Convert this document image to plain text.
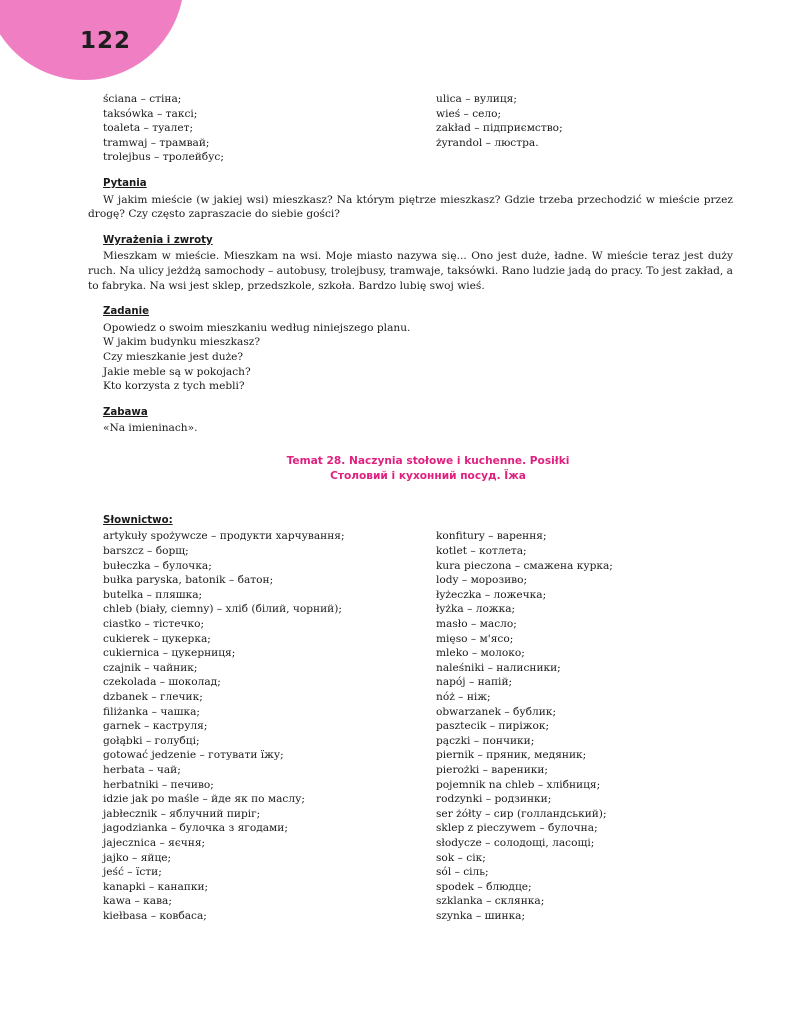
122
ściana – стіна;
taksówka – таксі;
toaleta – туалет;
tramwaj – трамвай;
trolejbus – тролейбус;
ulica – вулиця;
wieś – село;
zakład – підприємство;
żyrandol – люстра.
Pytania
W jakim mieście (w jakiej wsi) mieszkasz? Na którym piętrze mieszkasz? Gdzie trzeba przechodzić w mieście przez drogę? Czy często zapraszacie do siebie gości?
Wyrażenia i zwroty
Mieszkam w mieście. Mieszkam na wsi. Moje miasto nazywa się... Ono jest duże, ładne. W mieście teraz jest duży ruch. Na ulicy jeżdżą samochody – autobusy, trolejbusy, tramwaje, taksówki. Rano ludzie jadą do pracy. To jest zakład, a to fabryka. Na wsi jest sklep, przedszkole, szkoła. Bardzo lubię swoj wieś.
Zadanie
Opowiedz o swoim mieszkaniu według niniejszego planu.
W jakim budynku mieszkasz?
Czy mieszkanie jest duże?
Jakie meble są w pokojach?
Kto korzysta z tych mebli?
Zabawa
«Na imieninach».
Temat 28. Naczynia stołowe i kuchenne. Posiłki
Столовий і кухонний посуд. Їжа
Słownictwo:
artykuły spożywcze – продукти харчування;
barszcz – борщ;
bułeczka – булочка;
bułka paryska, batonik – батон;
butelka – пляшка;
chleb (biały, ciemny) – хліб (білий, чорний);
ciastko – тістечко;
cukierek – цукерка;
cukiernica – цукерниця;
czajnik – чайник;
czekolada – шоколад;
dzbanek – глечик;
filiżanka – чашка;
garnek – каструля;
gołąbki – голубці;
gotować jedzenie – готувати їжу;
herbata – чай;
herbatniki – печиво;
idzie jak po maśle – йде як по маслу;
jabłecznik – яблучний пиріг;
jagodzianka – булочка з ягодами;
jajecznica – яєчня;
jajko – яйце;
jeść – їсти;
kanapki – канапки;
kawa – кава;
kiełbasa – ковбаса;
konfitury – варення;
kotlet – котлета;
kura pieczona – смажена курка;
lody – морозиво;
łyżeczka – ложечка;
łyżka – ложка;
masło – масло;
mięso – м'ясо;
mleko – молоко;
naleśniki – налисники;
napój – напій;
nóż – ніж;
obwarzanek – бублик;
pasztecik – пиріжок;
pączki – пончики;
piernik – пряник, медяник;
pierożki – вареники;
pojemnik na chleb – хлібниця;
rodzynki – родзинки;
ser żółty – сир (голландський);
sklep z pieczywem – булочна;
słodycze – солодощі, ласощі;
sok – сік;
sól – сіль;
spodek – блюдце;
szklanka – склянка;
szynka – шинка;
